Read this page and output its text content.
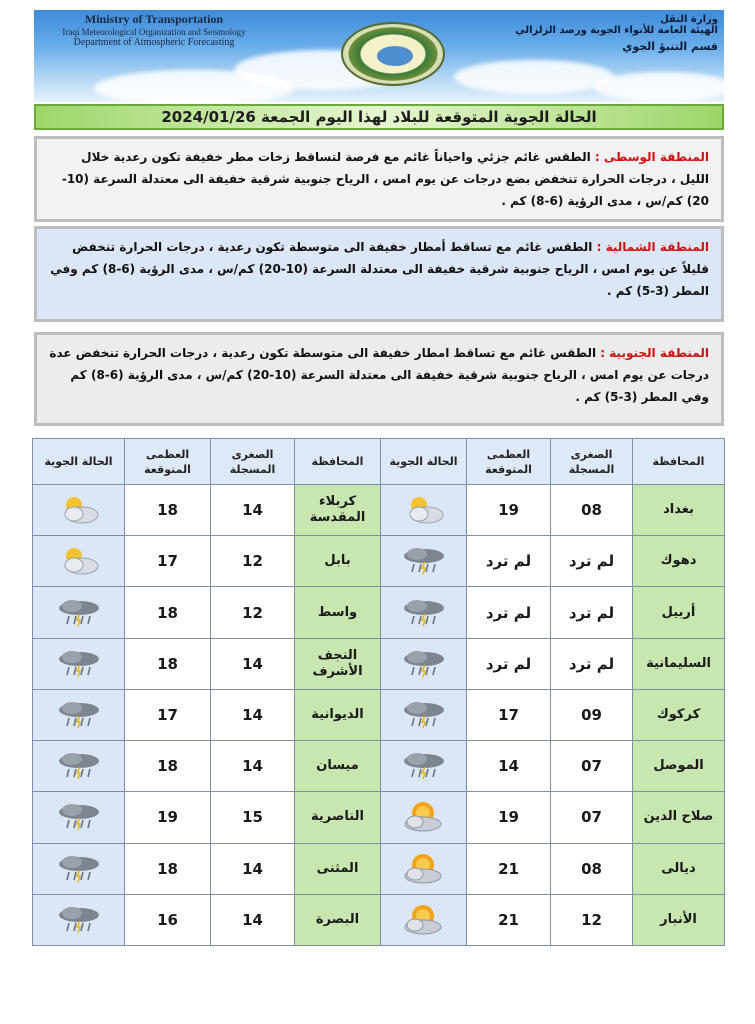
Ministry of Transportation
Iraqi Meteorological Organization and Seismology
Department of Atmospheric Forecasting
وزارة النقل
الهيئة العامة للأنواء الجوية ورصد الزلزالي
قسم التنبؤ الجوي
الحالة الجوية المتوقعة للبلاد لهذا اليوم الجمعة 2024/01/26
المنطقة الوسطى : الطقس غائم جزئي واحياناً غائم مع فرصة لتساقط زخات مطر خفيفة تكون رعدية خلال الليل ، درجات الحرارة تنخفض بضع درجات عن يوم امس ، الرياح جنوبية شرقية خفيفة الى معتدلة السرعة (10-20) كم/س ، مدى الرؤية (6-8) كم .
المنطقة الشمالية : الطقس غائم مع تساقط أمطار خفيفة الى متوسطة تكون رعدية ، درجات الحرارة تنخفض قليلاً عن يوم امس ، الرياح جنوبية شرقية خفيفة الى معتدلة السرعة (10-20) كم/س ، مدى الرؤية (6-8) كم وفي المطر (3-5) كم .
المنطقة الجنوبية : الطقس غائم مع تساقط امطار خفيفة الى متوسطة تكون رعدية ، درجات الحرارة تنخفض عدة درجات عن يوم امس ، الرياح جنوبية شرقية خفيفة الى معتدلة السرعة (10-20) كم/س ، مدى الرؤية (6-8) كم وفي المطر (3-5) كم .
المحافظة	الصغرى المسجلة	العظمى المتوقعة	الحالة الجوية	المحافظة	الصغرى المسجلة	العظمى المتوقعة	الحالة الجوية
بغداد	08	19		كربلاء المقدسة	14	18	
دهوك	لم ترد	لم ترد		بابل	12	17	
أربيل	لم ترد	لم ترد		واسط	12	18	
السليمانية	لم ترد	لم ترد		النجف الأشرف	14	18	
كركوك	09	17		الديوانية	14	17	
الموصل	07	14		ميسان	14	18	
صلاح الدين	07	19		الناصرية	15	19	
ديالى	08	21		المثنى	14	18	
الأنبار	12	21		البصرة	14	16	
